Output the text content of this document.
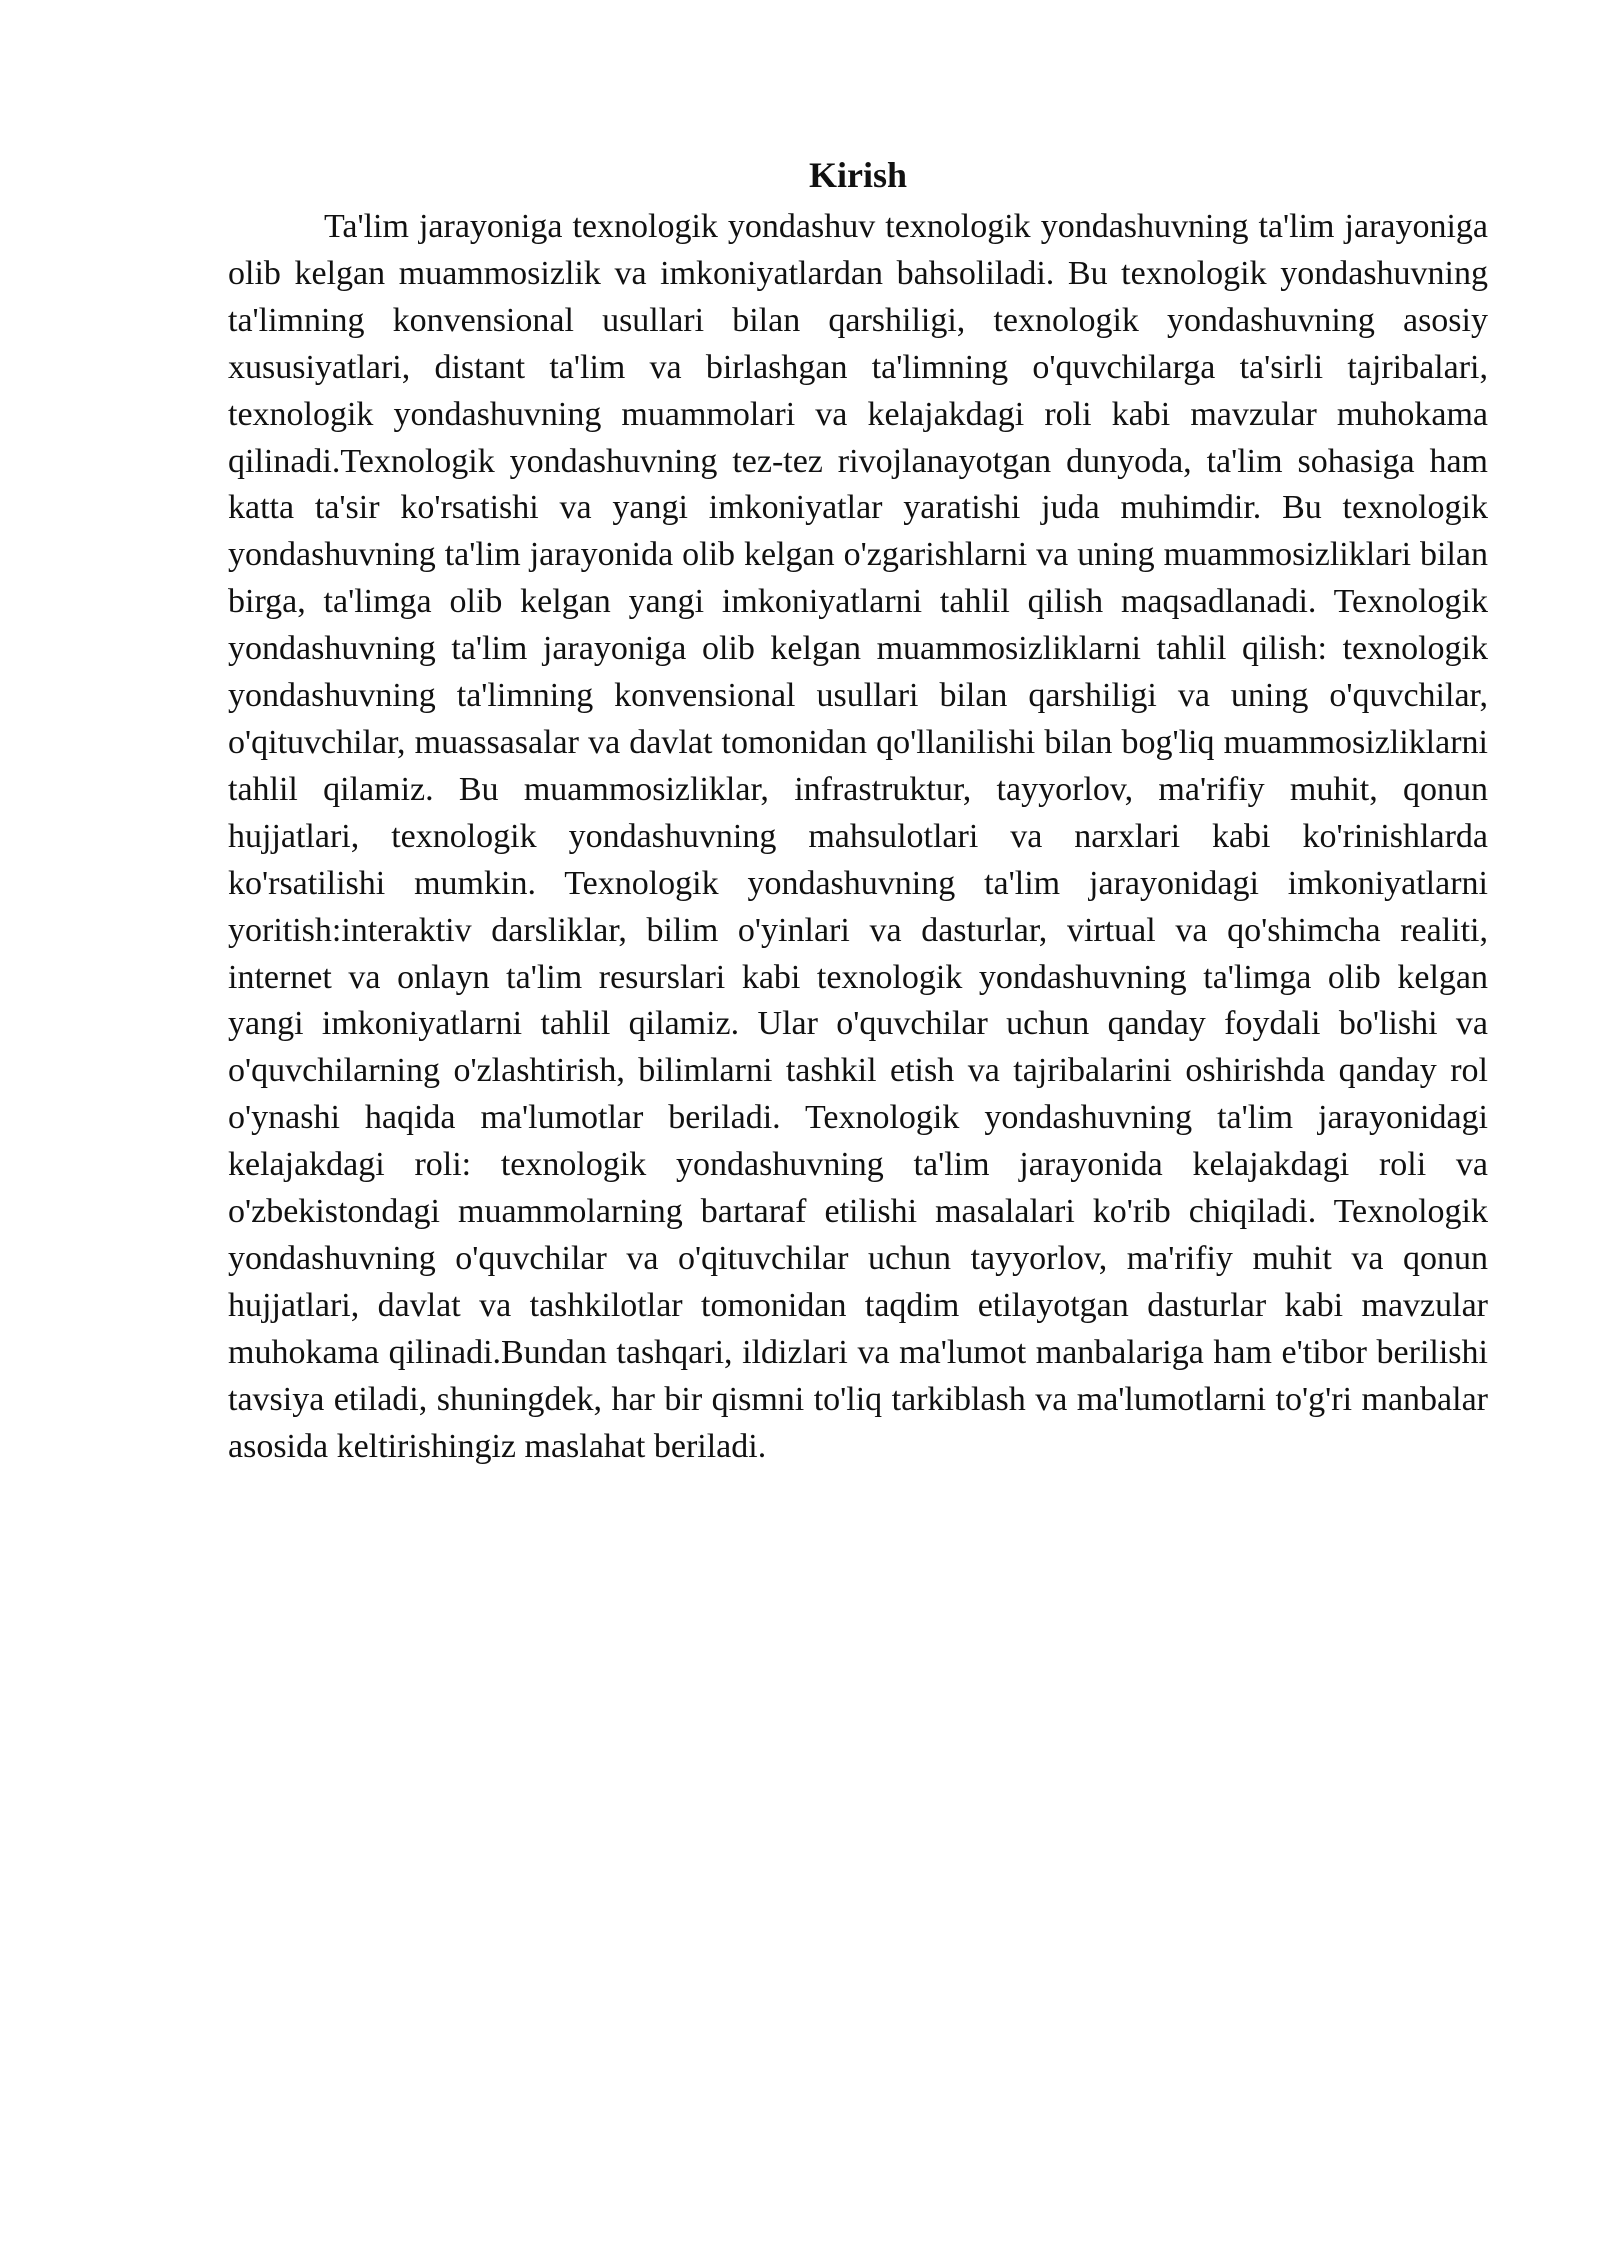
Kirish

Ta'lim jarayoniga texnologik yondashuv texnologik yondashuvning ta'lim jarayoniga olib kelgan muammosizlik va imkoniyatlardan bahsoliladi. Bu texnologik yondashuvning ta'limning konvensional usullari bilan qarshiligi, texnologik yondashuvning asosiy xususiyatlari, distant ta'lim va birlashgan ta'limning o'quvchilarga ta'sirli tajribalari, texnologik yondashuvning muammolari va kelajakdagi roli kabi mavzular muhokama qilinadi.Texnologik yondashuvning tez-tez rivojlanayotgan dunyoda, ta'lim sohasiga ham katta ta'sir ko'rsatishi va yangi imkoniyatlar yaratishi juda muhimdir. Bu texnologik yondashuvning ta'lim jarayonida olib kelgan o'zgarishlarni va uning muammosizliklari bilan birga, ta'limga olib kelgan yangi imkoniyatlarni tahlil qilish maqsadlanadi. Texnologik yondashuvning ta'lim jarayoniga olib kelgan muammosizliklarni tahlil qilish: texnologik yondashuvning ta'limning konvensional usullari bilan qarshiligi va uning o'quvchilar, o'qituvchilar, muassasalar va davlat tomonidan qo'llanilishi bilan bog'liq muammosizliklarni tahlil qilamiz. Bu muammosizliklar, infrastruktur, tayyorlov, ma'rifiy muhit, qonun hujjatlari, texnologik yondashuvning mahsulotlari va narxlari kabi ko'rinishlarda ko'rsatilishi mumkin. Texnologik yondashuvning ta'lim jarayonidagi imkoniyatlarni yoritish:interaktiv darsliklar, bilim o'yinlari va dasturlar, virtual va qo'shimcha realiti, internet va onlayn ta'lim resurslari kabi texnologik yondashuvning ta'limga olib kelgan yangi imkoniyatlarni tahlil qilamiz. Ular o'quvchilar uchun qanday foydali bo'lishi va o'quvchilarning o'zlashtirish, bilimlarni tashkil etish va tajribalarini oshirishda qanday rol o'ynashi haqida ma'lumotlar beriladi. Texnologik yondashuvning ta'lim jarayonidagi kelajakdagi roli: texnologik yondashuvning ta'lim jarayonida kelajakdagi roli va o'zbekistondagi muammolarning bartaraf etilishi masalalari ko'rib chiqiladi. Texnologik yondashuvning o'quvchilar va o'qituvchilar uchun tayyorlov, ma'rifiy muhit va qonun hujjatlari, davlat va tashkilotlar tomonidan taqdim etilayotgan dasturlar kabi mavzular muhokama qilinadi.Bundan tashqari, ildizlari va ma'lumot manbalariga ham e'tibor berilishi tavsiya etiladi, shuningdek, har bir qismni to'liq tarkiblash va ma'lumotlarni to'g'ri manbalar asosida keltirishingiz maslahat beriladi.
